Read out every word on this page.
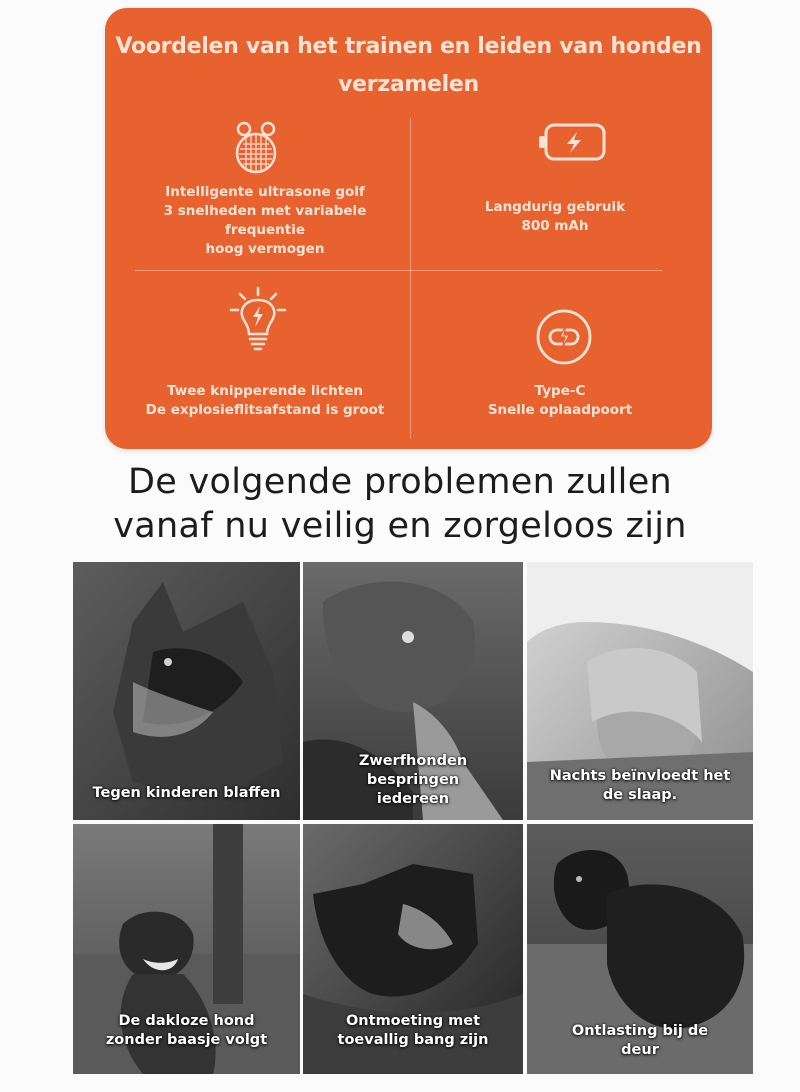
Voordelen van het trainen en leiden van honden verzamelen
Intelligente ultrasone golf
3 snelheden met variabele
frequentie
hoog vermogen
Langdurig gebruik
800 mAh
Twee knipperende lichten
De explosieflitsafstand is groot
Type-C
Snelle oplaadpoort
De volgende problemen zullen
vanaf nu veilig en zorgeloos zijn
Tegen kinderen blaffen
Zwerfhonden
bespringen
iedereen
Nachts beïnvloedt het
de slaap.
De dakloze hond
zonder baasje volgt
Ontmoeting met
toevallig bang zijn
Ontlasting bij de
deur
